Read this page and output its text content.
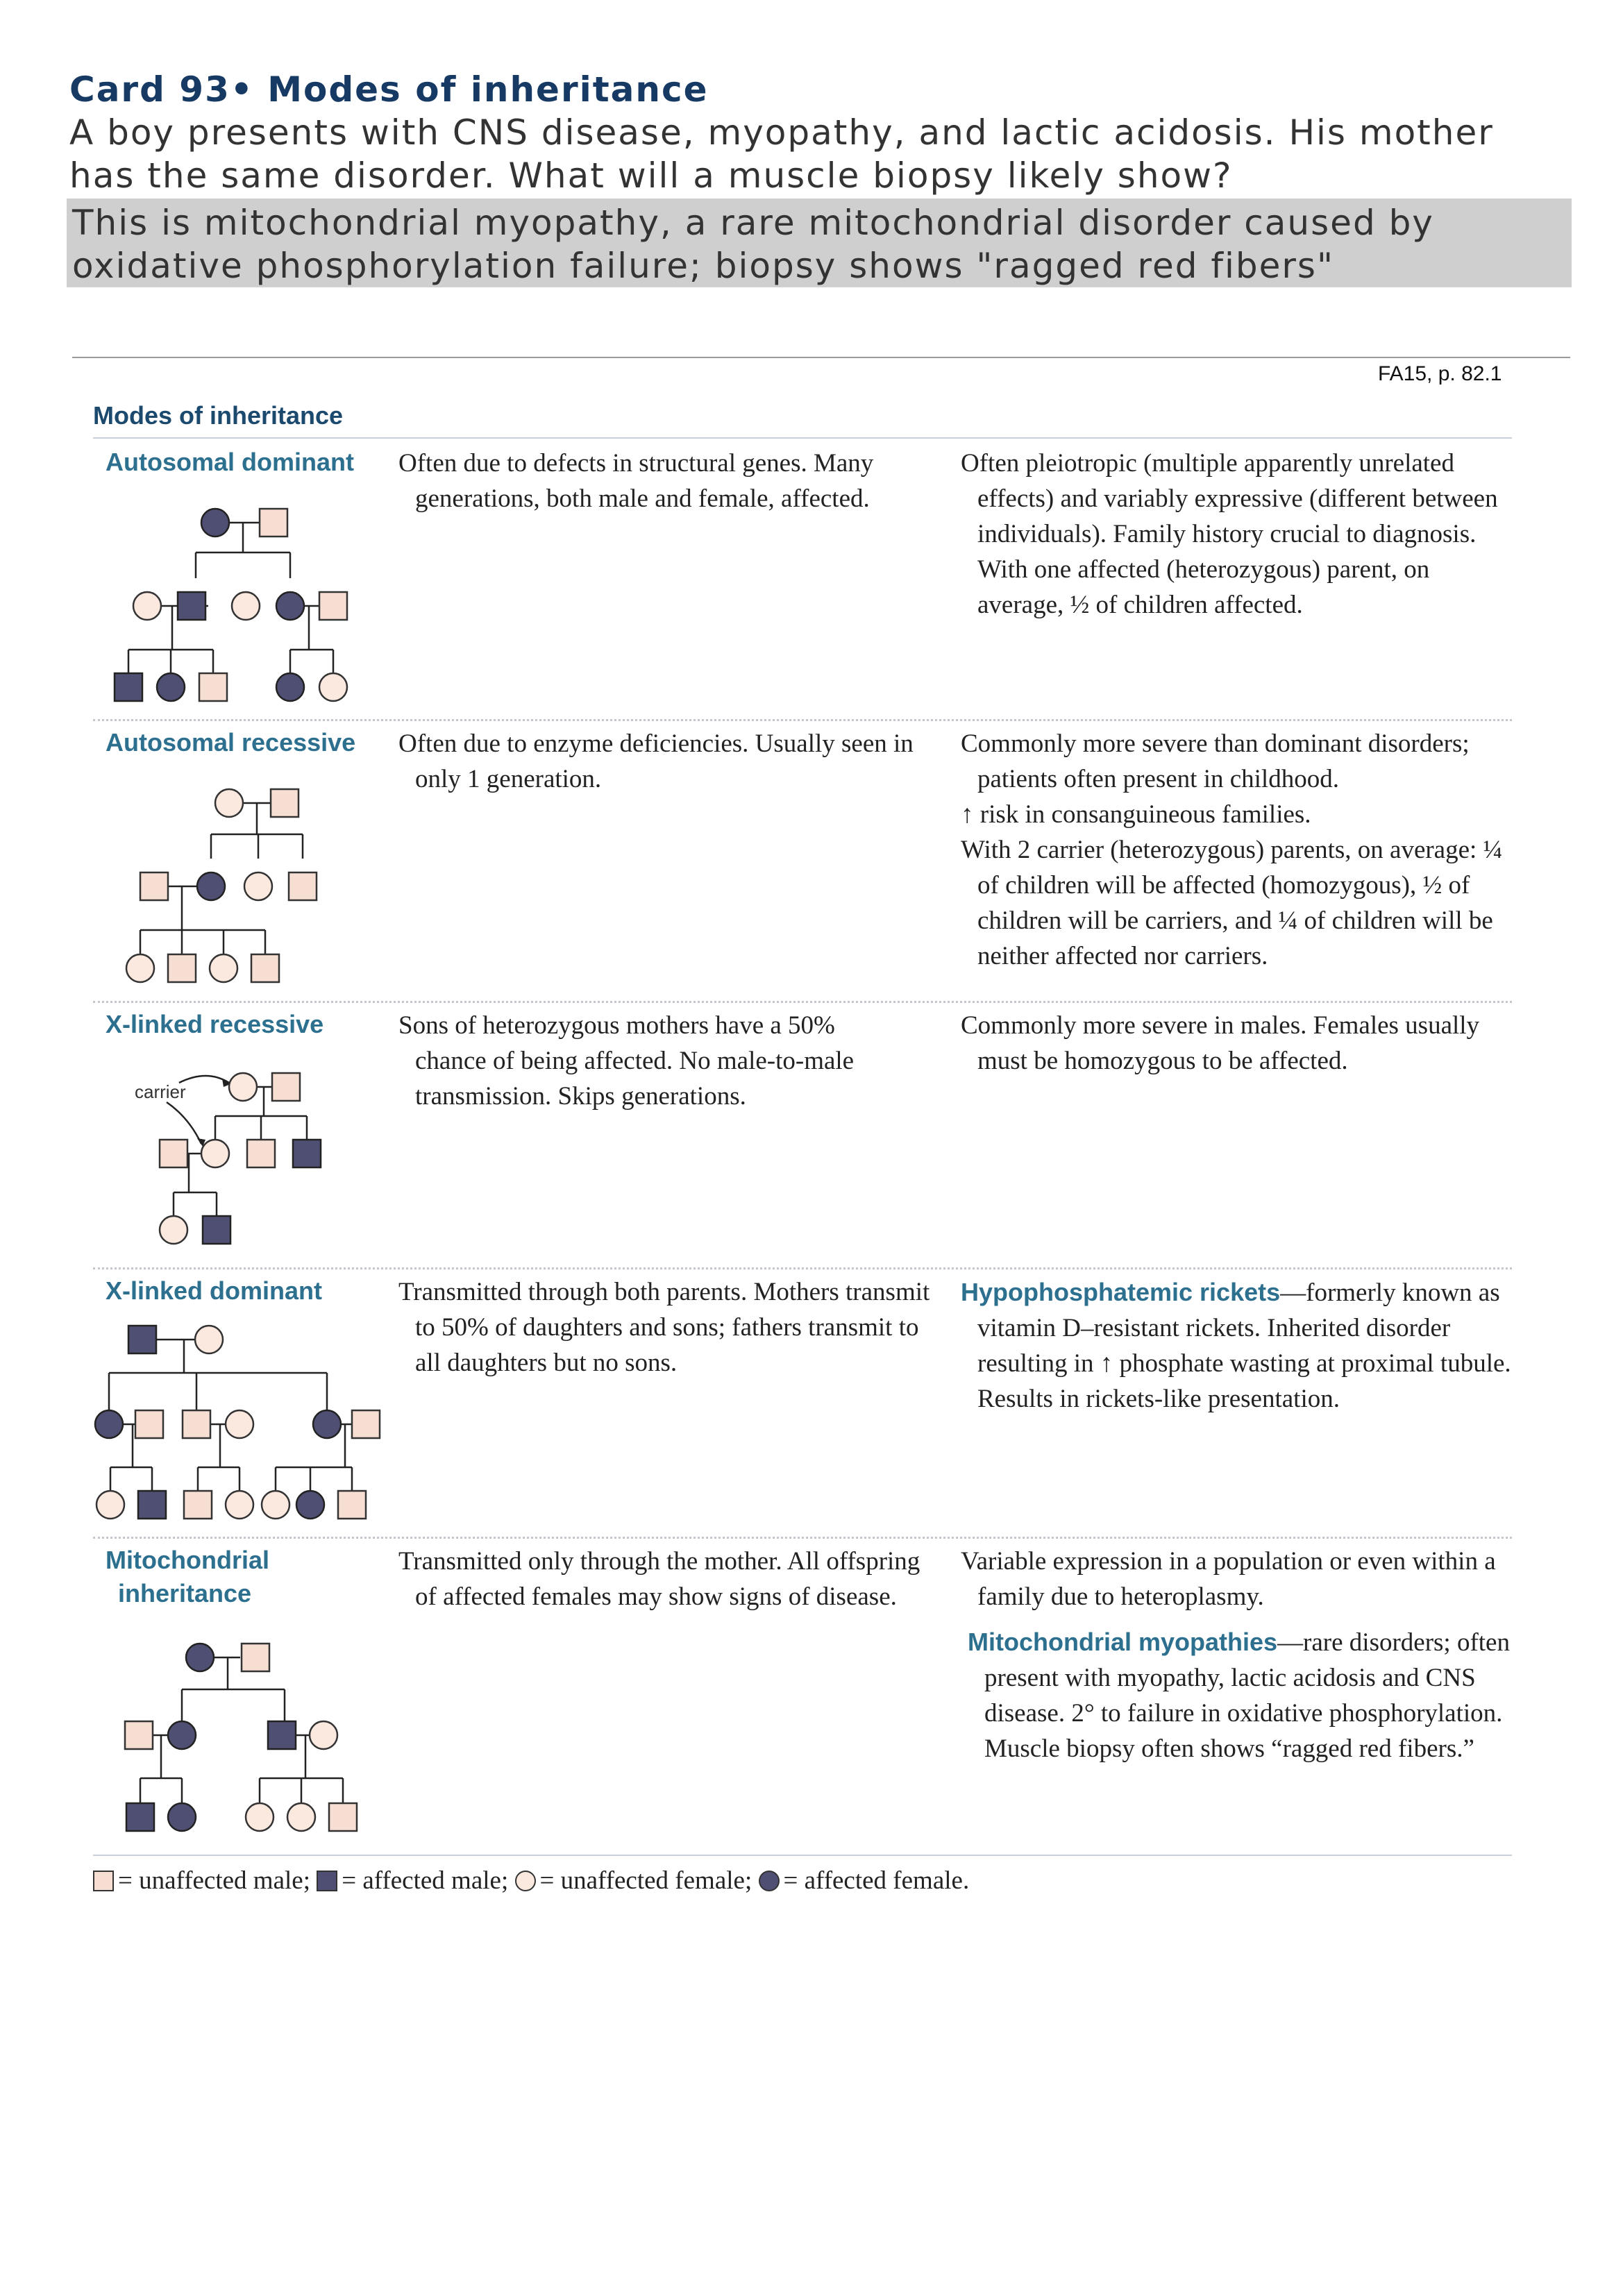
Card 93• Modes of inheritance
A boy presents with CNS disease, myopathy, and lactic acidosis. His mother has the same disorder. What will a muscle biopsy likely show?
This is mitochondrial myopathy, a rare mitochondrial disorder caused by oxidative phosphorylation failure; biopsy shows "ragged red fibers"
FA15, p. 82.1
Modes of inheritance
Autosomal dominant Often due to defects in structural genes. Many generations, both male and female, affected.

Often pleiotropic (multiple apparently unrelated effects) and variably expressive (different between individuals). Family history crucial to diagnosis. With one affected (heterozygous) parent, on average, ½ of children affected.

Autosomal recessive Often due to enzyme deficiencies. Usually seen in only 1 generation.

Commonly more severe than dominant disorders; patients often present in childhood.

↑ risk in consanguineous families.

With 2 carrier (heterozygous) parents, on average: ¼ of children will be affected (homozygous), ½ of children will be carriers, and ¼ of children will be neither affected nor carriers.

X-linked recessive
carrier

Sons of heterozygous mothers have a 50% chance of being affected. No male-to-male transmission. Skips generations.

Commonly more severe in males. Females usually must be homozygous to be affected.

X-linked dominant	Transmitted through both parents. Mothers transmit to 50% of daughters and sons; fathers transmit to all daughters but no sons.

Hypophosphatemic rickets—formerly known as vitamin D–resistant rickets. Inherited disorder resulting in ↑ phosphate wasting at proximal tubule. Results in rickets-like presentation.

Mitochondrial
inheritance

Transmitted only through the mother. All offspring of affected females may show signs of disease.

Variable expression in a population or even within a family due to heteroplasmy.

Mitochondrial myopathies—rare disorders; often present with myopathy, lactic acidosis and CNS disease. 2° to failure in oxidative phosphorylation. Muscle biopsy often shows “ragged red fibers.”

= unaffected male; = affected male; = unaffected female; = affected female.
